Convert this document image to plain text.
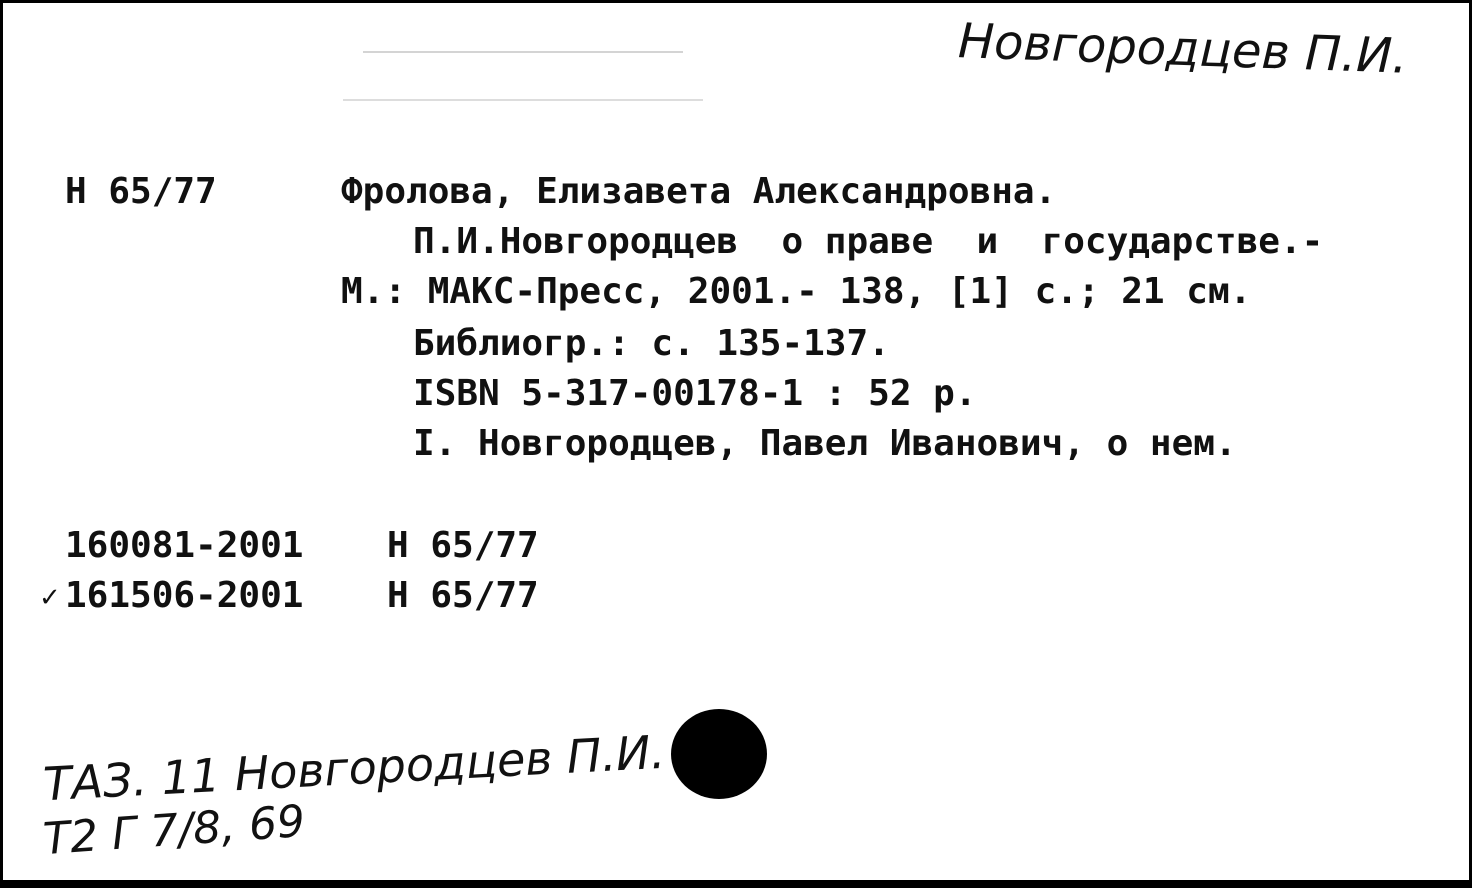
Новгородцев П.И.
Н 65/77	Фролова, Елизавета Александровна.
П.И.Новгородцев  о праве  и  государстве.-
М.: МАКС-Пресс, 2001.- 138, [1] с.; 21 см.
Библиогр.: с. 135-137.
ISBN 5-317-00178-1 : 52 р.
I. Новгородцев, Павел Иванович, о нем.
160081-2001 Н 65/77
✓ 161506-2001 Н 65/77
ТАЗ. 11 Новгородцев П.И.
Т2 Г 7/8, 69
